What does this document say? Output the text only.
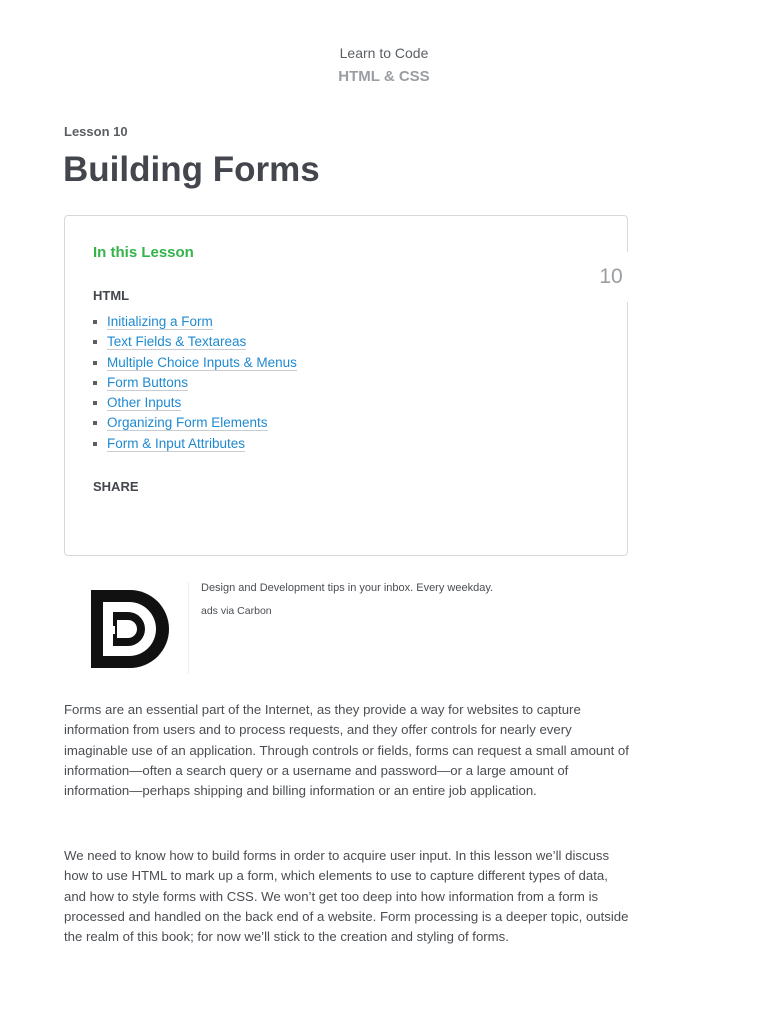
Learn to Code
HTML & CSS
Lesson 10
Building Forms
10
In this Lesson
HTML
Initializing a Form
Text Fields & Textareas
Multiple Choice Inputs & Menus
Form Buttons
Other Inputs
Organizing Form Elements
Form & Input Attributes
SHARE
Design and Development tips in your inbox. Every weekday.
ads via Carbon

Forms are an essential part of the Internet, as they provide a way for websites to capture information from users and to process requests, and they offer controls for nearly every imaginable use of an application. Through controls or fields, forms can request a small amount of information—often a search query or a username and password—or a large amount of information—perhaps shipping and billing information or an entire job application.

We need to know how to build forms in order to acquire user input. In this lesson we’ll discuss how to use HTML to mark up a form, which elements to use to capture different types of data, and how to style forms with CSS. We won’t get too deep into how information from a form is processed and handled on the back end of a website. Form processing is a deeper topic, outside the realm of this book; for now we’ll stick to the creation and styling of forms.
